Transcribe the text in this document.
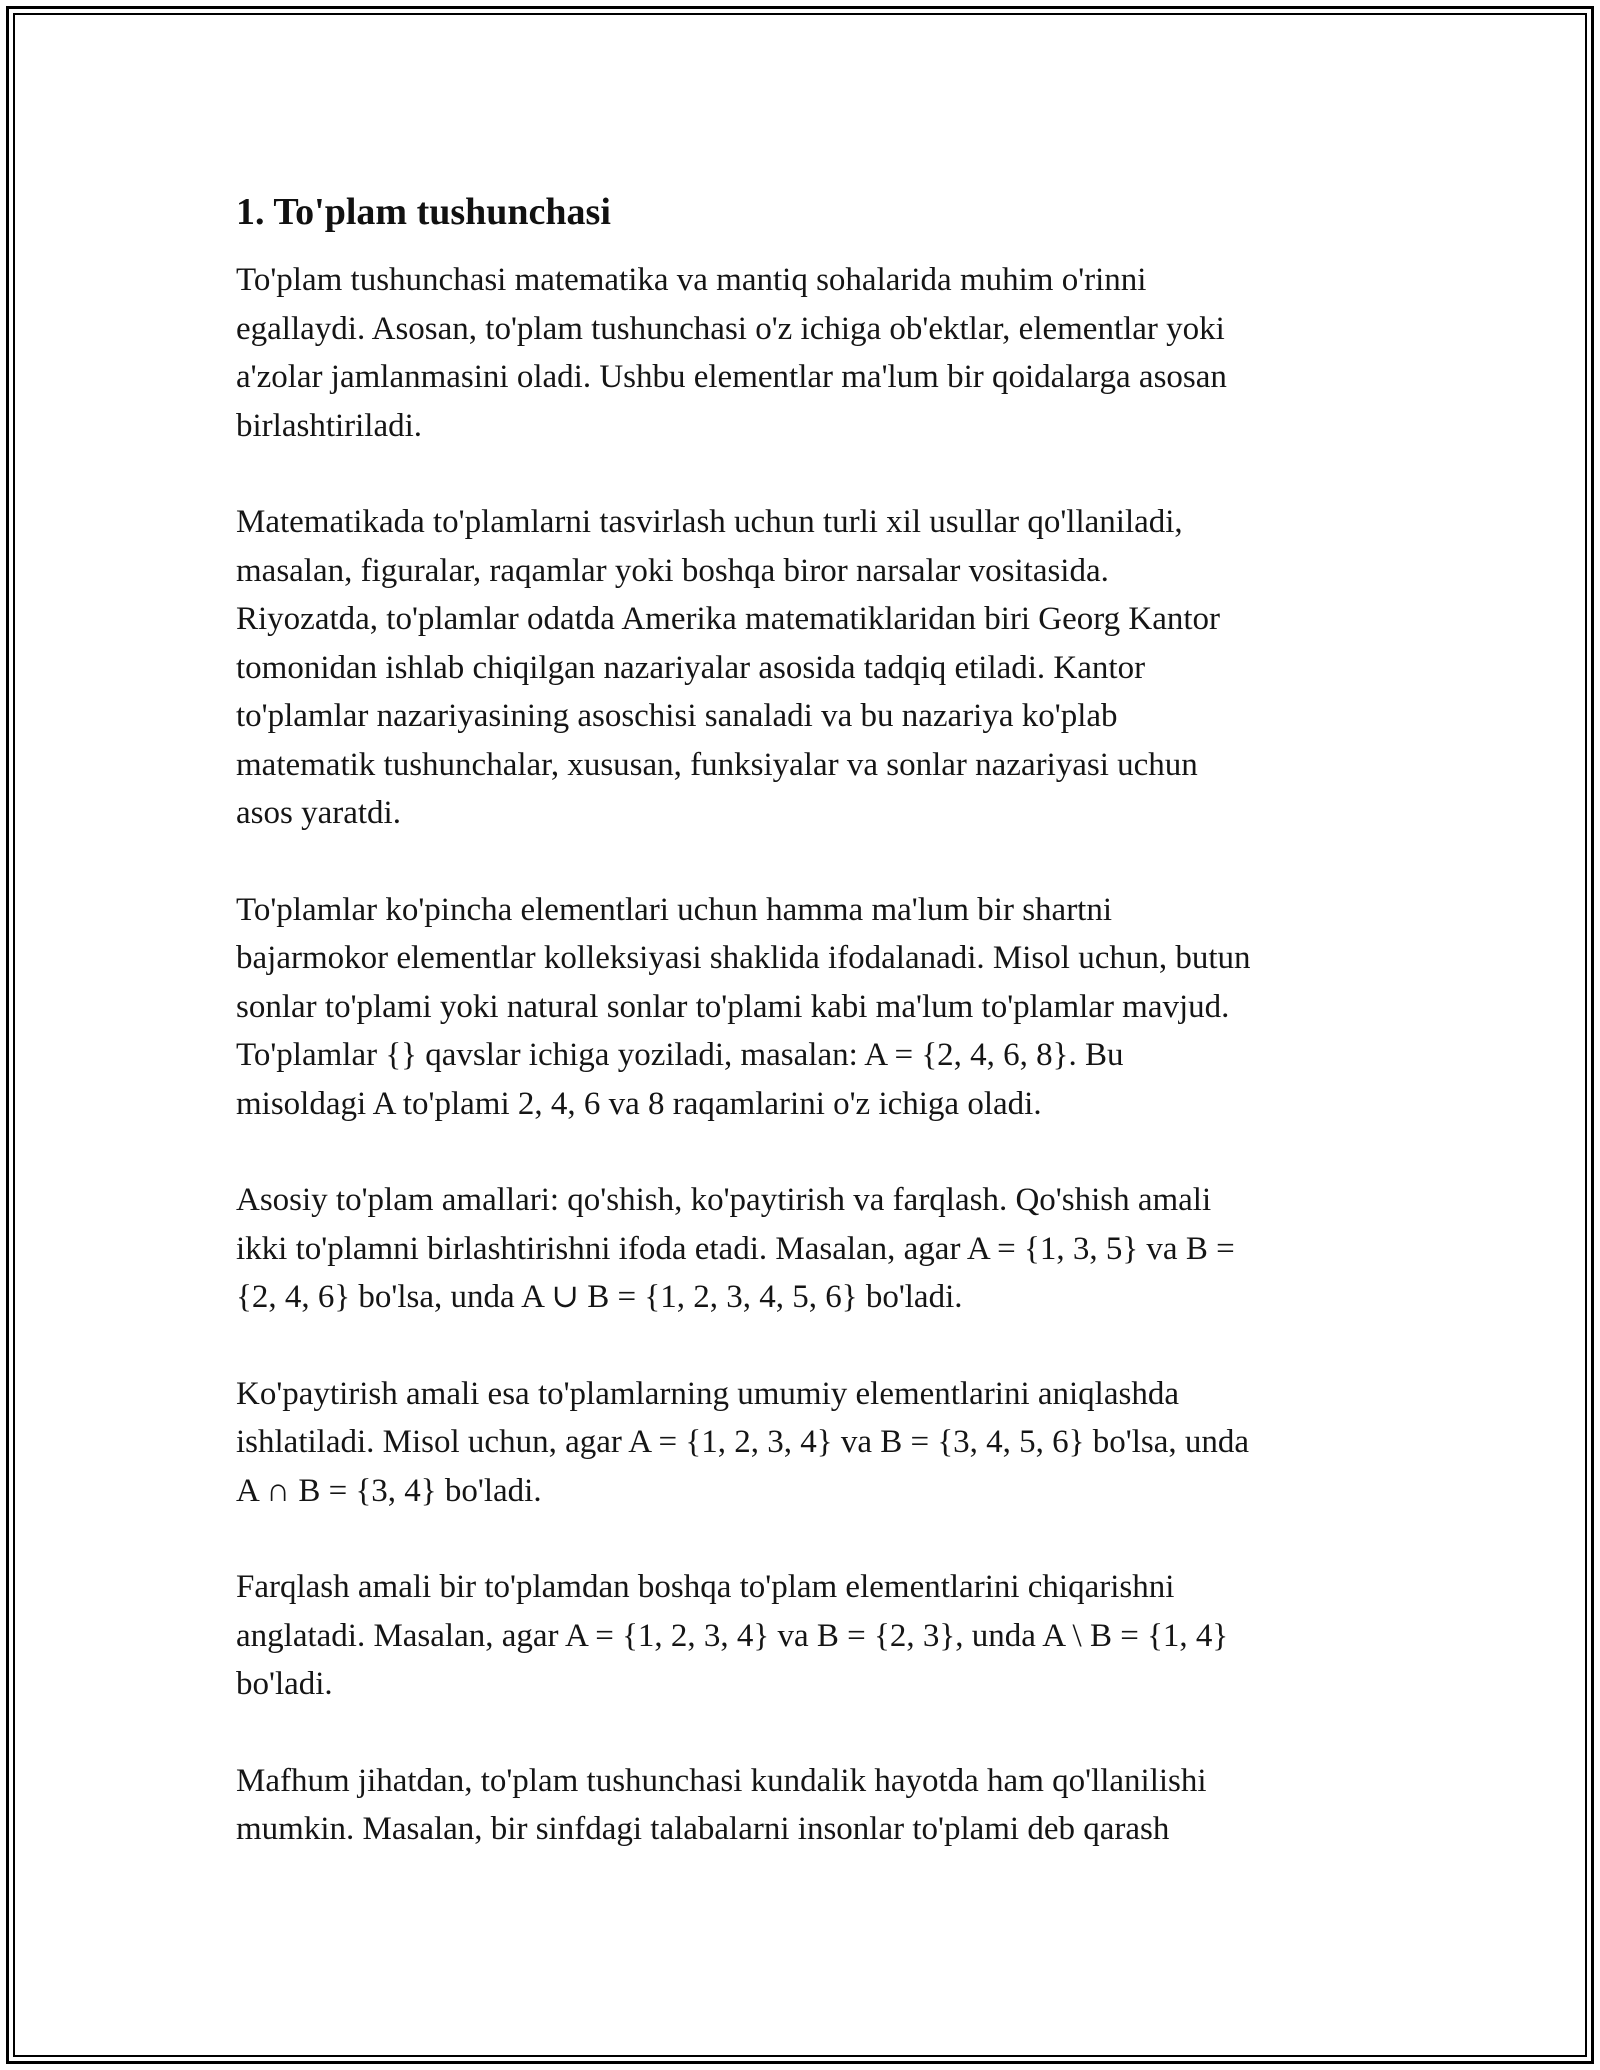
1. To'plam tushunchasi

To'plam tushunchasi matematika va mantiq sohalarida muhim o'rinni
egallaydi. Asosan, to'plam tushunchasi o'z ichiga ob'ektlar, elementlar yoki
a'zolar jamlanmasini oladi. Ushbu elementlar ma'lum bir qoidalarga asosan
birlashtiriladi.

Matematikada to'plamlarni tasvirlash uchun turli xil usullar qo'llaniladi,
masalan, figuralar, raqamlar yoki boshqa biror narsalar vositasida.
Riyozatda, to'plamlar odatda Amerika matematiklaridan biri Georg Kantor
tomonidan ishlab chiqilgan nazariyalar asosida tadqiq etiladi. Kantor
to'plamlar nazariyasining asoschisi sanaladi va bu nazariya ko'plab
matematik tushunchalar, xususan, funksiyalar va sonlar nazariyasi uchun
asos yaratdi.

To'plamlar ko'pincha elementlari uchun hamma ma'lum bir shartni
bajarmokor elementlar kolleksiyasi shaklida ifodalanadi. Misol uchun, butun
sonlar to'plami yoki natural sonlar to'plami kabi ma'lum to'plamlar mavjud.
To'plamlar {} qavslar ichiga yoziladi, masalan: A = {2, 4, 6, 8}. Bu
misoldagi A to'plami 2, 4, 6 va 8 raqamlarini o'z ichiga oladi.

Asosiy to'plam amallari: qo'shish, ko'paytirish va farqlash. Qo'shish amali
ikki to'plamni birlashtirishni ifoda etadi. Masalan, agar A = {1, 3, 5} va B =
{2, 4, 6} bo'lsa, unda A ∪ B = {1, 2, 3, 4, 5, 6} bo'ladi.

Ko'paytirish amali esa to'plamlarning umumiy elementlarini aniqlashda
ishlatiladi. Misol uchun, agar A = {1, 2, 3, 4} va B = {3, 4, 5, 6} bo'lsa, unda
A ∩ B = {3, 4} bo'ladi.

Farqlash amali bir to'plamdan boshqa to'plam elementlarini chiqarishni
anglatadi. Masalan, agar A = {1, 2, 3, 4} va B = {2, 3}, unda A \ B = {1, 4}
bo'ladi.

Mafhum jihatdan, to'plam tushunchasi kundalik hayotda ham qo'llanilishi
mumkin. Masalan, bir sinfdagi talabalarni insonlar to'plami deb qarash
